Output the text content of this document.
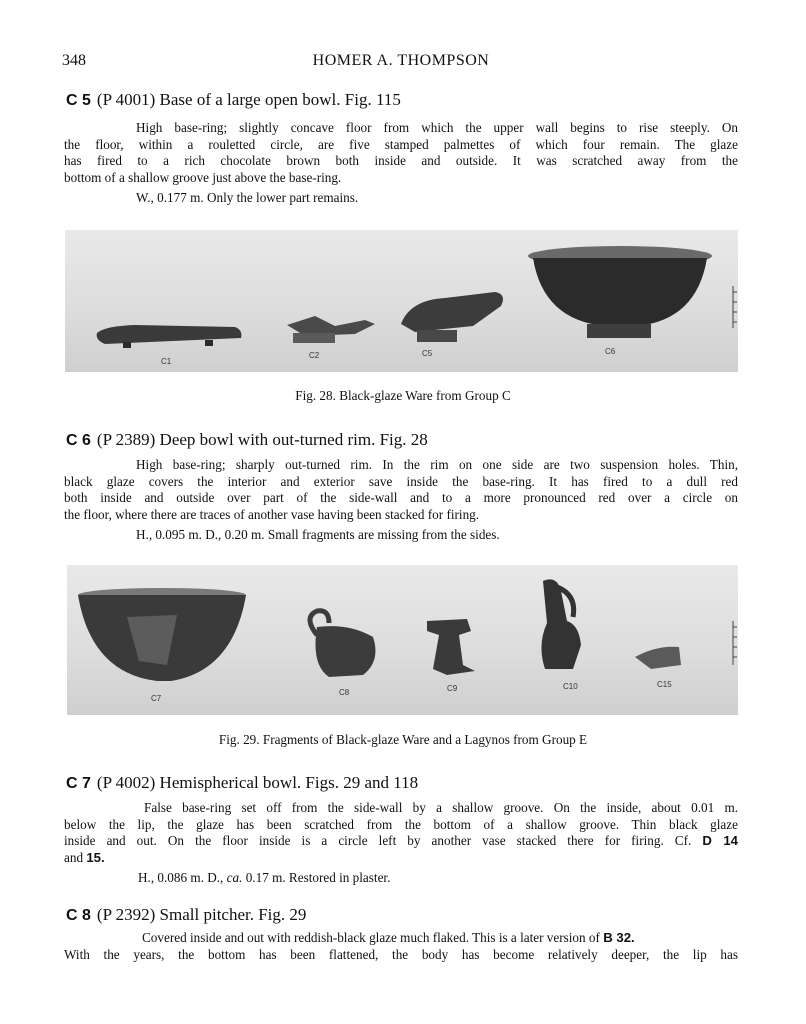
348	HOMER A. THOMPSON
C 5 (P 4001) Base of a large open bowl. Fig. 115
High base-ring; slightly concave floor from which the upper wall begins to rise steeply. On
the floor, within a rouletted circle, are five stamped palmettes of which four remain. The glaze
has fired to a rich chocolate brown both inside and outside. It was scratched away from the
bottom of a shallow groove just above the base-ring.
W., 0.177 m. Only the lower part remains.
C1
C2	C5	C6
Fig. 28. Black-glaze Ware from Group C
C 6 (P 2389) Deep bowl with out-turned rim. Fig. 28
High base-ring; sharply out-turned rim. In the rim on one side are two suspension holes. Thin,
black glaze covers the interior and exterior save inside the base-ring. It has fired to a dull red
both inside and outside over part of the side-wall and to a more pronounced red over a circle on
the floor, where there are traces of another vase having been stacked for firing.
H., 0.095 m. D., 0.20 m. Small fragments are missing from the sides.
C7
C8	C9	C10	C15
Fig. 29. Fragments of Black-glaze Ware and a Lagynos from Group E
C 7 (P 4002) Hemispherical bowl. Figs. 29 and 118
False base-ring set off from the side-wall by a shallow groove. On the inside, about 0.01 m.
below the lip, the glaze has been scratched from the bottom of a shallow groove. Thin black glaze
inside and out. On the floor inside is a circle left by another vase stacked there for firing. Cf. D 14
and 15.
H., 0.086 m. D., ca. 0.17 m. Restored in plaster.
C 8 (P 2392) Small pitcher. Fig. 29
Covered inside and out with reddish-black glaze much flaked. This is a later version of B 32.
With the years, the bottom has been flattened, the body has become relatively deeper, the lip has
